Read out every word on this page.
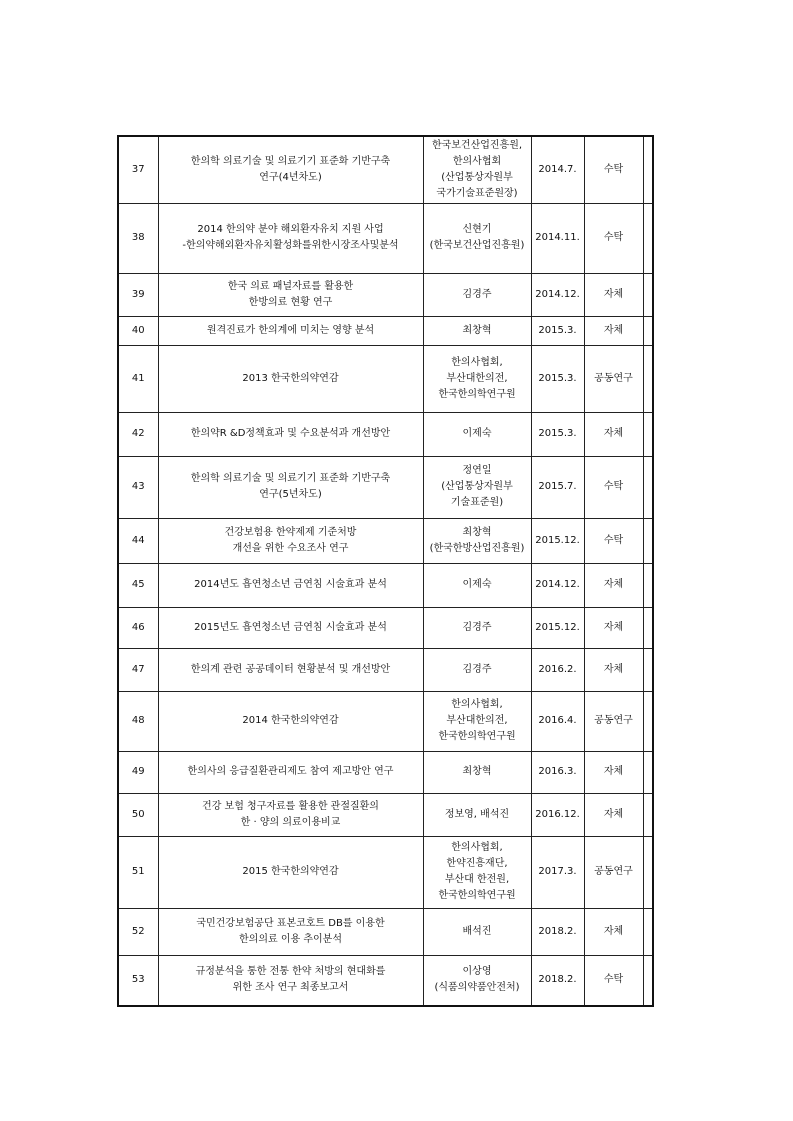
37	한의학 의료기술 및 의료기기 표준화 기반구축
연구(4년차도)	한국보건산업진흥원,
한의사협회
(산업통상자원부
국가기술표준원장)	2014.7.	수탁	
38	2014 한의약 분야 해외환자유치 지원 사업
-한의약해외환자유치활성화를위한시장조사및분석	신현기
(한국보건산업진흥원)	2014.11.	수탁	
39	한국 의료 패널자료를 활용한
한방의료 현황 연구	김경주	2014.12.	자체	
40	원격진료가 한의계에 미치는 영향 분석	최창혁	2015.3.	자체	
41	2013 한국한의약연감	한의사협회,
부산대한의전,
한국한의학연구원	2015.3.	공동연구	
42	한의약R &D정책효과 및 수요분석과 개선방안	이제숙	2015.3.	자체	
43	한의학 의료기술 및 의료기기 표준화 기반구축
연구(5년차도)	정연일
(산업통상자원부
기술표준원)	2015.7.	수탁	
44	건강보험용 한약제제 기준처방
개선을 위한 수요조사 연구	최창혁
(한국한방산업진흥원)	2015.12.	수탁	
45	2014년도 흡연청소년 금연침 시술효과 분석	이제숙	2014.12.	자체	
46	2015년도 흡연청소년 금연침 시술효과 분석	김경주	2015.12.	자체	
47	한의계 관련 공공데이터 현황분석 및 개선방안	김경주	2016.2.	자체	
48	2014 한국한의약연감	한의사협회,
부산대한의전,
한국한의학연구원	2016.4.	공동연구	
49	한의사의 응급질환관리제도 참여 제고방안 연구	최창혁	2016.3.	자체	
50	건강 보험 청구자료를 활용한 관절질환의
한 · 양의 의료이용비교	정보영, 배석진	2016.12.	자체	
51	2015 한국한의약연감	한의사협회,
한약진흥재단,
부산대 한전원,
한국한의학연구원	2017.3.	공동연구	
52	국민건강보험공단 표본코호트 DB를 이용한
한의의료 이용 추이분석	배석진	2018.2.	자체	
53	규정분석을 통한 전통 한약 처방의 현대화를
위한 조사 연구 최종보고서	이상영
(식품의약품안전처)	2018.2.	수탁	
